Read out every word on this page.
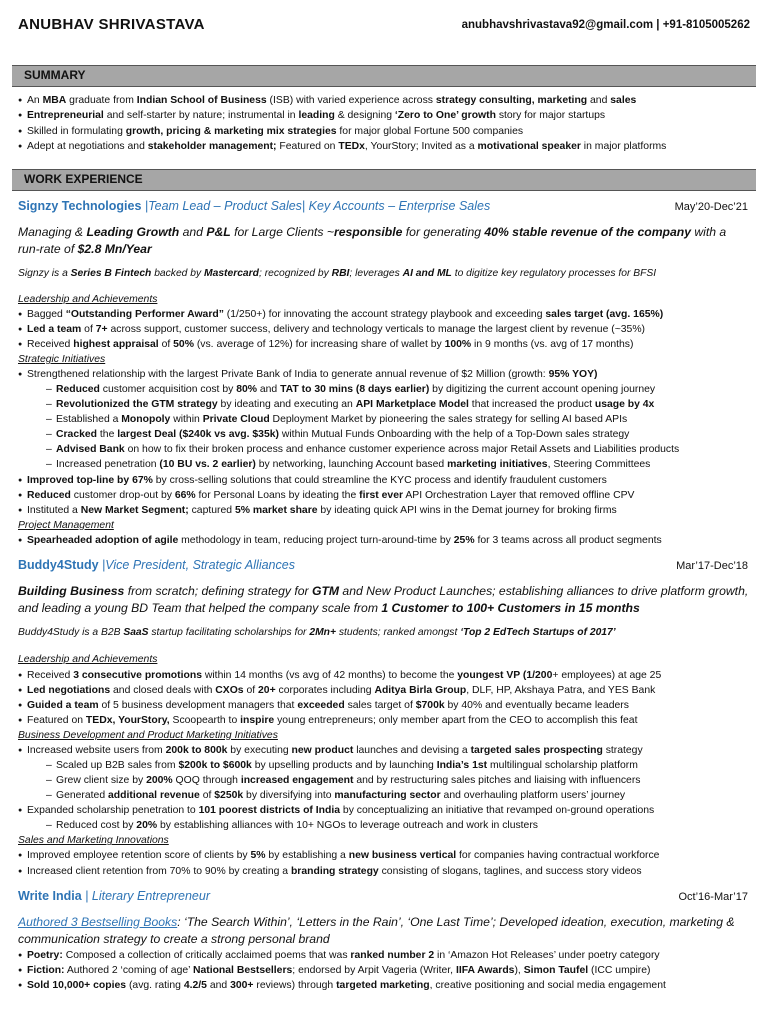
ANUBHAV SHRIVASTAVA	anubhavshrivastava92@gmail.com | +91-8105005262
SUMMARY
● An MBA graduate from Indian School of Business (ISB) with varied experience across strategy consulting, marketing and sales
● Entrepreneurial and self-starter by nature; instrumental in leading & designing ‘Zero to One’ growth story for major startups
● Skilled in formulating growth, pricing & marketing mix strategies for major global Fortune 500 companies
● Adept at negotiations and stakeholder management; Featured on TEDx, YourStory; Invited as a motivational speaker in major platforms
WORK EXPERIENCE
Signzy Technologies |Team Lead – Product Sales| Key Accounts – Enterprise Sales	May’20-Dec’21
Managing & Leading Growth and P&L for Large Clients ~responsible for generating 40% stable revenue of the company with a run-rate of $2.8 Mn/Year
Signzy is a Series B Fintech backed by Mastercard; recognized by RBI; leverages AI and ML to digitize key regulatory processes for BFSI
Leadership and Achievements
● Bagged “Outstanding Performer Award” (1/250+) for innovating the account strategy playbook and exceeding sales target (avg. 165%)
● Led a team of 7+ across support, customer success, delivery and technology verticals to manage the largest client by revenue (~35%)
● Received highest appraisal of 50% (vs. average of 12%) for increasing share of wallet by 100% in 9 months (vs. avg of 17 months)
Strategic Initiatives
● Strengthened relationship with the largest Private Bank of India to generate annual revenue of $2 Million (growth: 95% YOY)
– Reduced customer acquisition cost by 80% and TAT to 30 mins (8 days earlier) by digitizing the current account opening journey
– Revolutionized the GTM strategy by ideating and executing an API Marketplace Model that increased the product usage by 4x
– Established a Monopoly within Private Cloud Deployment Market by pioneering the sales strategy for selling AI based APIs
– Cracked the largest Deal ($240k vs avg. $35k) within Mutual Funds Onboarding with the help of a Top-Down sales strategy
– Advised Bank on how to fix their broken process and enhance customer experience across major Retail Assets and Liabilities products
– Increased penetration (10 BU vs. 2 earlier) by networking, launching Account based marketing initiatives, Steering Committees
● Improved top-line by 67% by cross-selling solutions that could streamline the KYC process and identify fraudulent customers
● Reduced customer drop-out by 66% for Personal Loans by ideating the first ever API Orchestration Layer that removed offline CPV
● Instituted a New Market Segment; captured 5% market share by ideating quick API wins in the Demat journey for broking firms
Project Management
● Spearheaded adoption of agile methodology in team, reducing project turn-around-time by 25% for 3 teams across all product segments
Buddy4Study |Vice President, Strategic Alliances	Mar’17-Dec’18
Building Business from scratch; defining strategy for GTM and New Product Launches; establishing alliances to drive platform growth, and leading a young BD Team that helped the company scale from 1 Customer to 100+ Customers in 15 months
Buddy4Study is a B2B SaaS startup facilitating scholarships for 2Mn+ students; ranked amongst ‘Top 2 EdTech Startups of 2017’
Leadership and Achievements
● Received 3 consecutive promotions within 14 months (vs avg of 42 months) to become the youngest VP (1/200+ employees) at age 25
● Led negotiations and closed deals with CXOs of 20+ corporates including Aditya Birla Group, DLF, HP, Akshaya Patra, and YES Bank
● Guided a team of 5 business development managers that exceeded sales target of $700k by 40% and eventually became leaders
● Featured on TEDx, YourStory, Scoopearth to inspire young entrepreneurs; only member apart from the CEO to accomplish this feat
Business Development and Product Marketing Initiatives
● Increased website users from 200k to 800k by executing new product launches and devising a targeted sales prospecting strategy
– Scaled up B2B sales from $200k to $600k by upselling products and by launching India’s 1st multilingual scholarship platform
– Grew client size by 200% QOQ through increased engagement and by restructuring sales pitches and liaising with influencers
– Generated additional revenue of $250k by diversifying into manufacturing sector and overhauling platform users’ journey
● Expanded scholarship penetration to 101 poorest districts of India by conceptualizing an initiative that revamped on-ground operations
– Reduced cost by 20% by establishing alliances with 10+ NGOs to leverage outreach and work in clusters
Sales and Marketing Innovations
● Improved employee retention score of clients by 5% by establishing a new business vertical for companies having contractual workforce
● Increased client retention from 70% to 90% by creating a branding strategy consisting of slogans, taglines, and success story videos
Write India | Literary Entrepreneur	Oct’16-Mar’17
Authored 3 Bestselling Books: ‘The Search Within’, ‘Letters in the Rain’, ‘One Last Time’; Developed ideation, execution, marketing & communication strategy to create a strong personal brand
● Poetry: Composed a collection of critically acclaimed poems that was ranked number 2 in ‘Amazon Hot Releases’ under poetry category
● Fiction: Authored 2 ‘coming of age’ National Bestsellers; endorsed by Arpit Vageria (Writer, IIFA Awards), Simon Taufel (ICC umpire)
● Sold 10,000+ copies (avg. rating 4.2/5 and 300+ reviews) through targeted marketing, creative positioning and social media engagement
